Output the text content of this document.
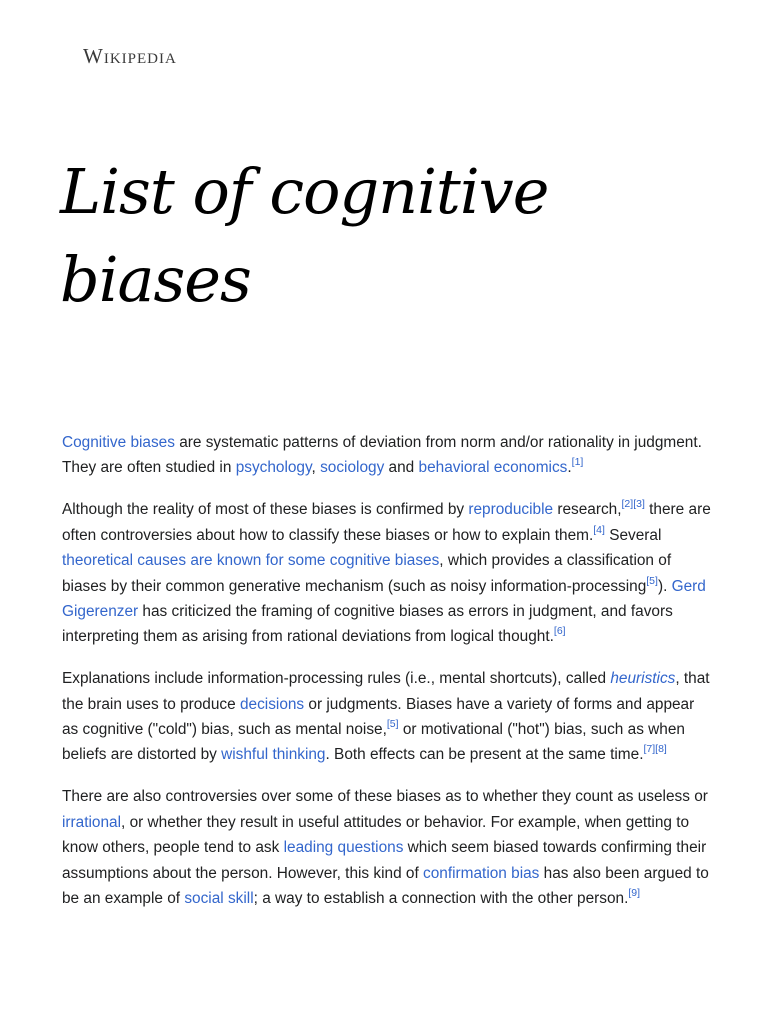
Wikipedia
List of cognitive biases

Cognitive biases are systematic patterns of deviation from norm and/or rationality in judgment. They are often studied in psychology, sociology and behavioral economics.[1]

Although the reality of most of these biases is confirmed by reproducible research,[2][3] there are often controversies about how to classify these biases or how to explain them.[4] Several theoretical causes are known for some cognitive biases, which provides a classification of biases by their common generative mechanism (such as noisy information-processing[5]). Gerd Gigerenzer has criticized the framing of cognitive biases as errors in judgment, and favors interpreting them as arising from rational deviations from logical thought.[6]

Explanations include information-processing rules (i.e., mental shortcuts), called heuristics, that the brain uses to produce decisions or judgments. Biases have a variety of forms and appear as cognitive ("cold") bias, such as mental noise,[5] or motivational ("hot") bias, such as when beliefs are distorted by wishful thinking. Both effects can be present at the same time.[7][8]

There are also controversies over some of these biases as to whether they count as useless or irrational, or whether they result in useful attitudes or behavior. For example, when getting to know others, people tend to ask leading questions which seem biased towards confirming their assumptions about the person. However, this kind of confirmation bias has also been argued to be an example of social skill; a way to establish a connection with the other person.[9]
